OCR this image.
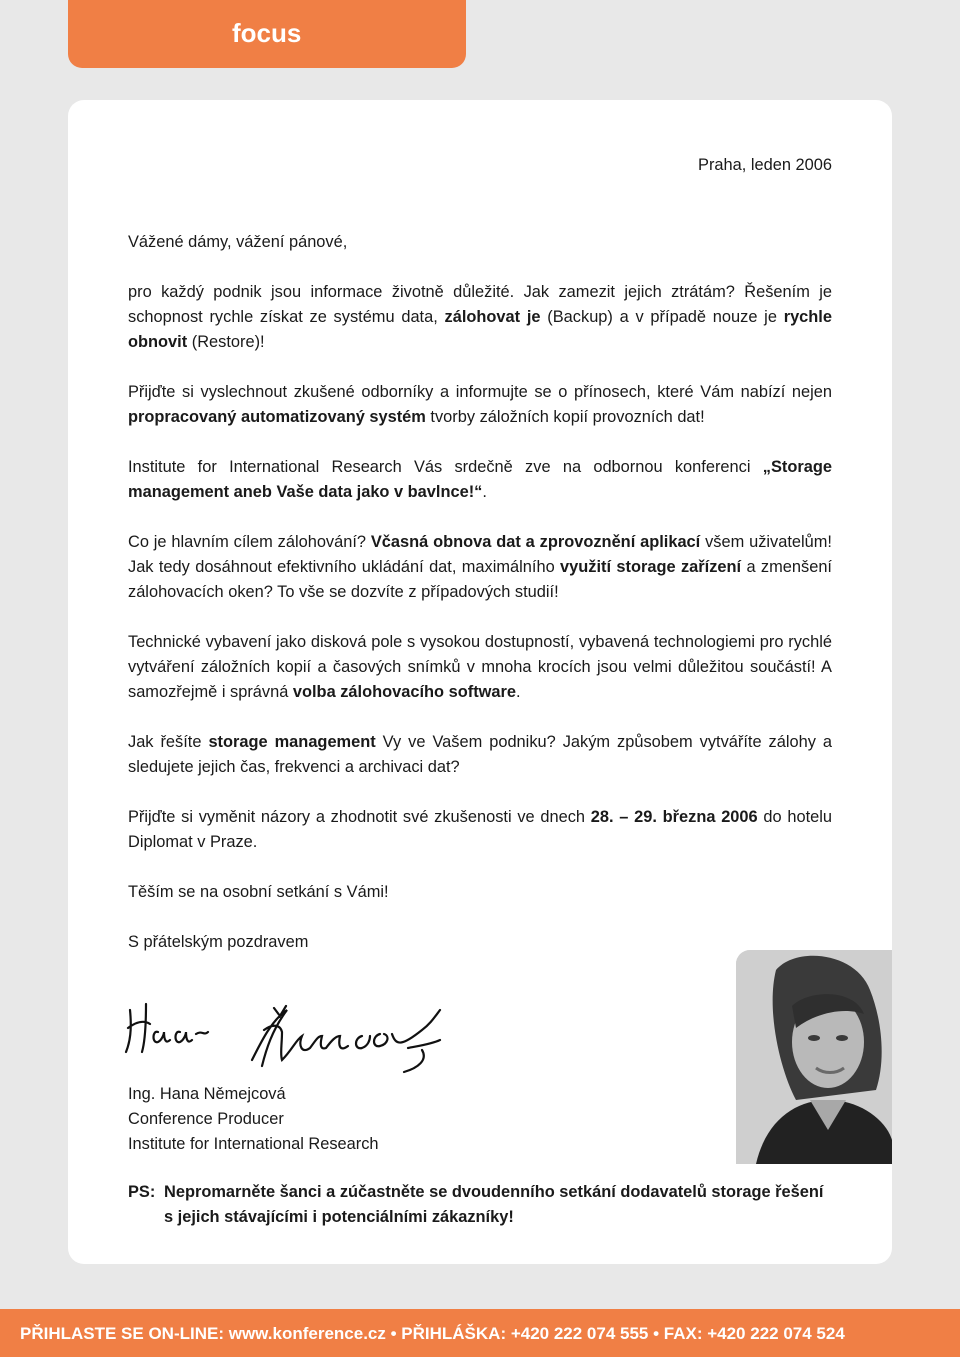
focus
Praha, leden 2006
Vážené dámy, vážení pánové,
pro každý podnik jsou informace životně důležité. Jak zamezit jejich ztrátám? Řešením je schopnost rychle získat ze systému data, zálohovat je (Backup) a v případě nouze je rychle obnovit (Restore)!
Přijďte si vyslechnout zkušené odborníky a informujte se o přínosech, které Vám nabízí nejen propracovaný automatizovaný systém tvorby záložních kopií provozních dat!
Institute for International Research Vás srdečně zve na odbornou konferenci „Storage management aneb Vaše data jako v bavlnce!“.
Co je hlavním cílem zálohování? Včasná obnova dat a zprovoznění aplikací všem uživatelům! Jak tedy dosáhnout efektivního ukládání dat, maximálního využití storage zařízení a zmenšení zálohovacích oken? To vše se dozvíte z případových studií!
Technické vybavení jako disková pole s vysokou dostupností, vybavená technologiemi pro rychlé vytváření záložních kopií a časových snímků v mnoha krocích jsou velmi důležitou součástí! A samozřejmě i správná volba zálohovacího software.
Jak řešíte storage management Vy ve Vašem podniku? Jakým způsobem vytváříte zálohy a sledujete jejich čas, frekvenci a archivaci dat?
Přijďte si vyměnit názory a zhodnotit své zkušenosti ve dnech 28. – 29. března 2006 do hotelu Diplomat v Praze.
Těším se na osobní setkání s Vámi!
S přátelským pozdravem
Ing. Hana Němejcová
Conference Producer
Institute for International Research
PS: Nepromarněte šanci a zúčastněte se dvoudenního setkání dodavatelů storage řešení s jejich stávajícími i potenciálními zákazníky!
PŘIHLASTE SE ON-LINE: www.konference.cz • PŘIHLÁŠKA: +420 222 074 555 • FAX: +420 222 074 524
